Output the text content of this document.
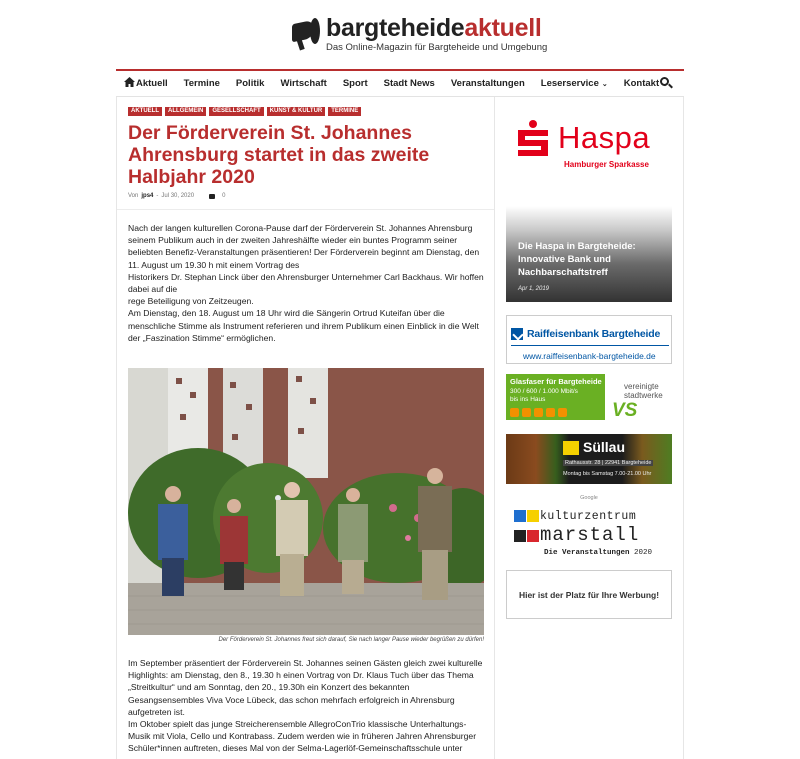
bargteheideaktuell
Das Online-Magazin für Bargteheide und Umgebung
Aktuell Termine Politik Wirtschaft Sport Stadt News Veranstaltungen Leserservice ⌄ Kontakt ⌄
AKTUELL	ALLGEMEIN	GESELLSCHAFT	KUNST & KULTUR	TERMINE
Der Förderverein St. Johannes Ahrensburg startet in das zweite Halbjahr 2020
Von jps4 - Jul 30, 2020	0

Nach der langen kulturellen Corona-Pause darf der Förderverein St. Johannes Ahrensburg seinem Publikum auch in der zweiten Jahreshälfte wieder ein buntes Programm seiner beliebten Benefiz-Veranstaltungen präsentieren! Der Förderverein beginnt am Dienstag, den 11. August um 19.30 h mit einem Vortrag des
Historikers Dr. Stephan Linck über den Ahrensburger Unternehmer Carl Backhaus. Wir hoffen dabei auf die
rege Beteiligung von Zeitzeugen.
Am Dienstag, den 18. August um 18 Uhr wird die Sängerin Ortrud Kuteifan über die menschliche Stimme als Instrument referieren und ihrem Publikum einen Einblick in die Welt der „Faszination Stimme“ ermöglichen.

Der Förderverein St. Johannes freut sich darauf, Sie nach langer Pause wieder begrüßen zu dürfen!

Im September präsentiert der Förderverein St. Johannes seinen Gästen gleich zwei kulturelle Highlights: am Dienstag, den 8., 19.30 h einen Vortrag von Dr. Klaus Tuch über das Thema „Streitkultur“ und am Sonntag, den 20., 19.30h ein Konzert des bekannten Gesangsensembles Viva Voce Lübeck, das schon mehrfach erfolgreich in Ahrensburg aufgetreten ist.
Im Oktober spielt das junge Streicherensemble AllegroConTrio klassische Unterhaltungs-Musik mit Viola, Cello und Kontrabass. Zudem werden wie in früheren Jahren Ahrensburger Schüler*innen auftreten, dieses Mal von der Selma-Lagerlöf-Gemeinschaftsschule unter

Haspa
Hamburger Sparkasse
Die Haspa in Bargteheide: Innovative Bank und Nachbarschaftstreff
Apr 1, 2019
Raiffeisenbank Bargteheide
www.raiffeisenbank-bargteheide.de
Glasfaser für Bargteheide
300 / 600 / 1.000 Mbit/s
bis ins Haus
vereinigte
stadtwerke
VS
Süllau
Rathausstr. 28 | 22941 Bargteheide
Montag bis Samstag 7.00-21.00 Uhr
Google
kulturzentrum
marstall
Die Veranstaltungen 2020
Hier ist der Platz für Ihre Werbung!
